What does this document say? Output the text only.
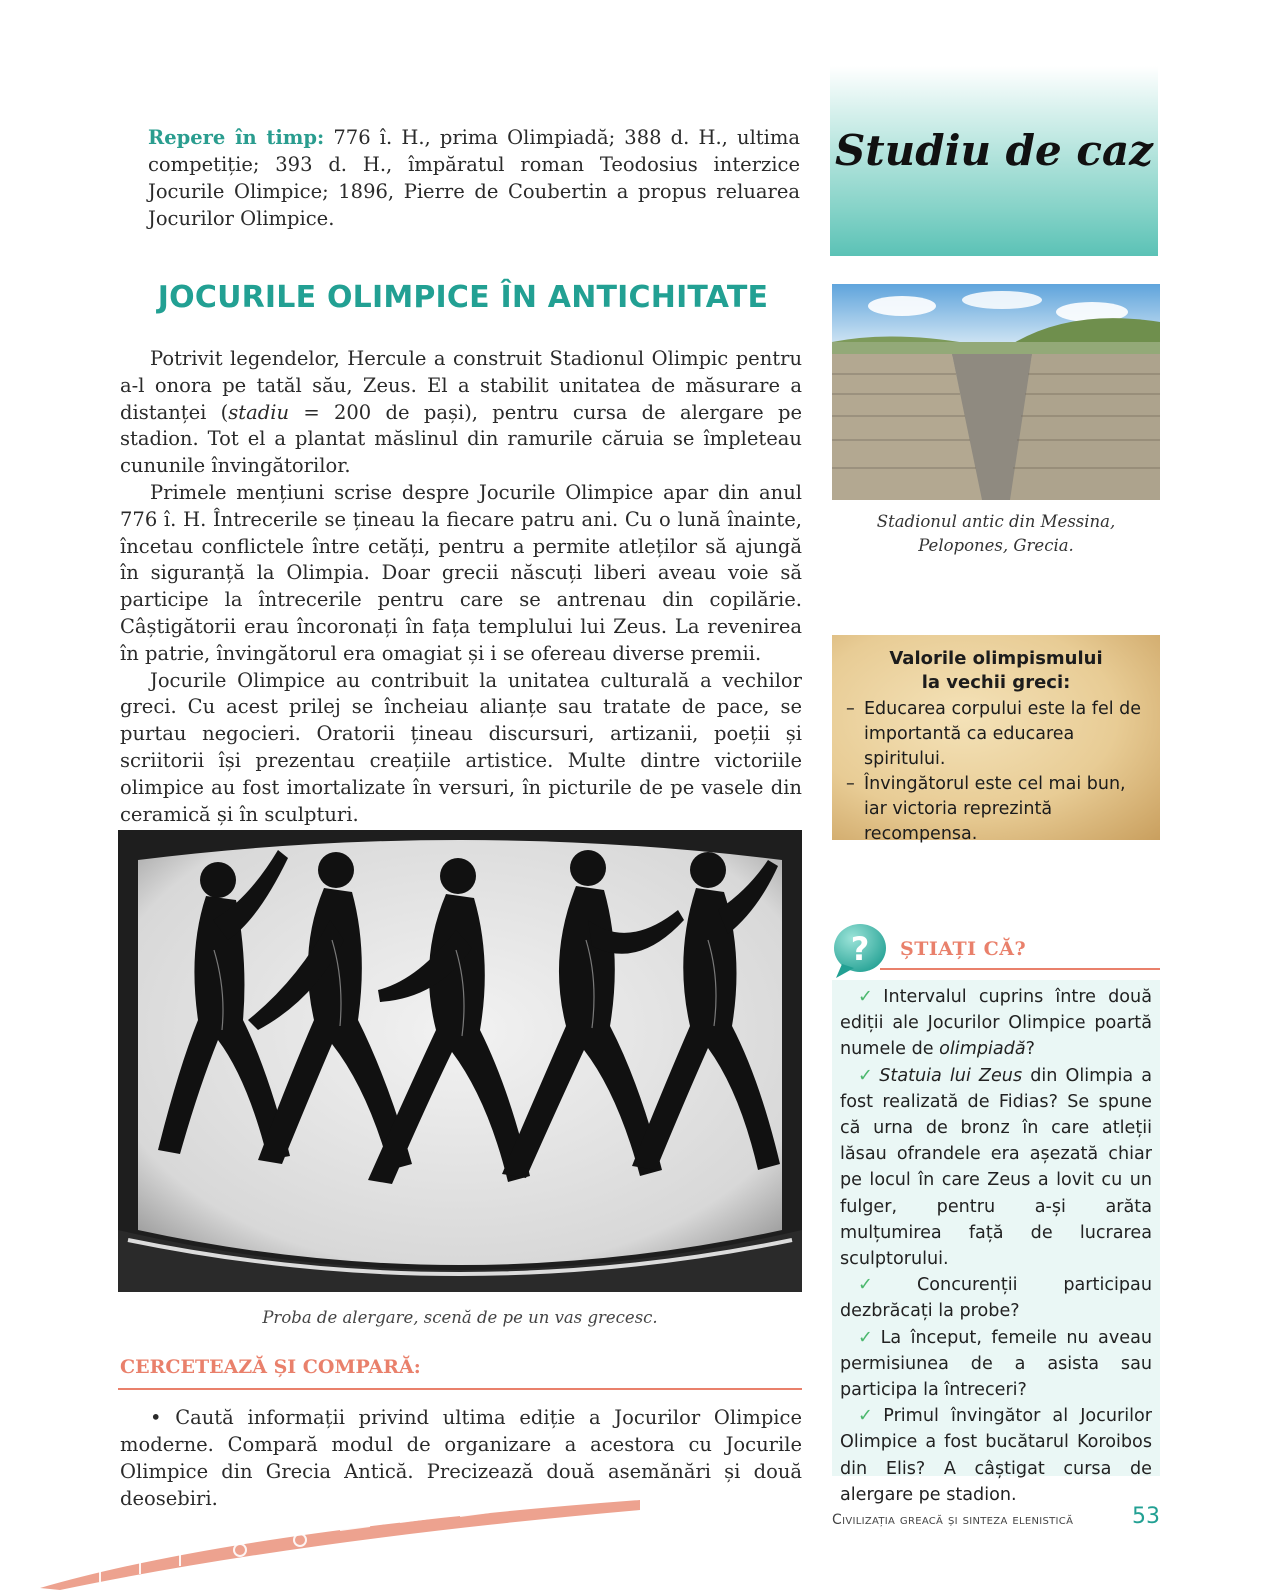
Repere în timp: 776 î. H., prima Olimpiadă; 388 d. H., ultima competiție; 393 d. H., împăratul roman Teodosius interzice Jocurile Olimpice; 1896, Pierre de Coubertin a propus reluarea Jocurilor Olimpice.
Studiu de caz
JOCURILE OLIMPICE ÎN ANTICHITATE

Potrivit legendelor, Hercule a construit Stadionul Olimpic pentru a-l onora pe tatăl său, Zeus. El a stabilit unitatea de măsurare a distanței (stadiu = 200 de pași), pentru cursa de alergare pe stadion. Tot el a plantat măslinul din ramurile căruia se împleteau cununile învingătorilor.

Primele mențiuni scrise despre Jocurile Olimpice apar din anul 776 î. H. Întrecerile se țineau la fiecare patru ani. Cu o lună înainte, încetau conflictele între cetăți, pentru a permite atleților să ajungă în siguranță la Olimpia. Doar grecii născuți liberi aveau voie să participe la întrecerile pentru care se antrenau din copilărie. Câștigătorii erau încoronați în fața templului lui Zeus. La revenirea în patrie, învingătorul era omagiat și i se ofereau diverse premii.

Jocurile Olimpice au contribuit la unitatea culturală a vechilor greci. Cu acest prilej se încheiau alianțe sau tratate de pace, se purtau negocieri. Oratorii țineau discursuri, artizanii, poeții și scriitorii își prezentau creațiile artistice. Multe dintre victoriile olimpice au fost imortalizate în versuri, în picturile de pe vasele din ceramică și în sculpturi.

Stadionul antic din Messina,
Pelopones, Grecia.
Valorile olimpismului
la vechii greci:
– Educarea corpului este la fel de importantă ca educarea spiritului.
– Învingătorul este cel mai bun, iar victoria reprezintă recompensa.
? ȘTIAȚI CĂ?
✓ Intervalul cuprins între două ediții ale Jocurilor Olimpice poartă numele de olimpiadă?
✓ Statuia lui Zeus din Olimpia a fost realizată de Fidias? Se spune că urna de bronz în care atleții lăsau ofrandele era așezată chiar pe locul în care Zeus a lovit cu un fulger, pentru a-și arăta mulțumirea față de lucrarea sculptorului.
✓ Concurenții participau dezbrăcați la probe?
✓ La început, femeile nu aveau permisiunea de a asista sau participa la întreceri?
✓ Primul învingător al Jocurilor Olimpice a fost bucătarul Koroibos din Elis? A câștigat cursa de alergare pe stadion.
Proba de alergare, scenă de pe un vas grecesc.
CERCETEAZĂ ȘI COMPARĂ:
• Caută informații privind ultima ediție a Jocurilor Olimpice moderne. Compară modul de organizare a acestora cu Jocurile Olimpice din Grecia Antică. Precizează două asemănări și două deosebiri.
Civilizația greacă și sinteza elenistică	53
